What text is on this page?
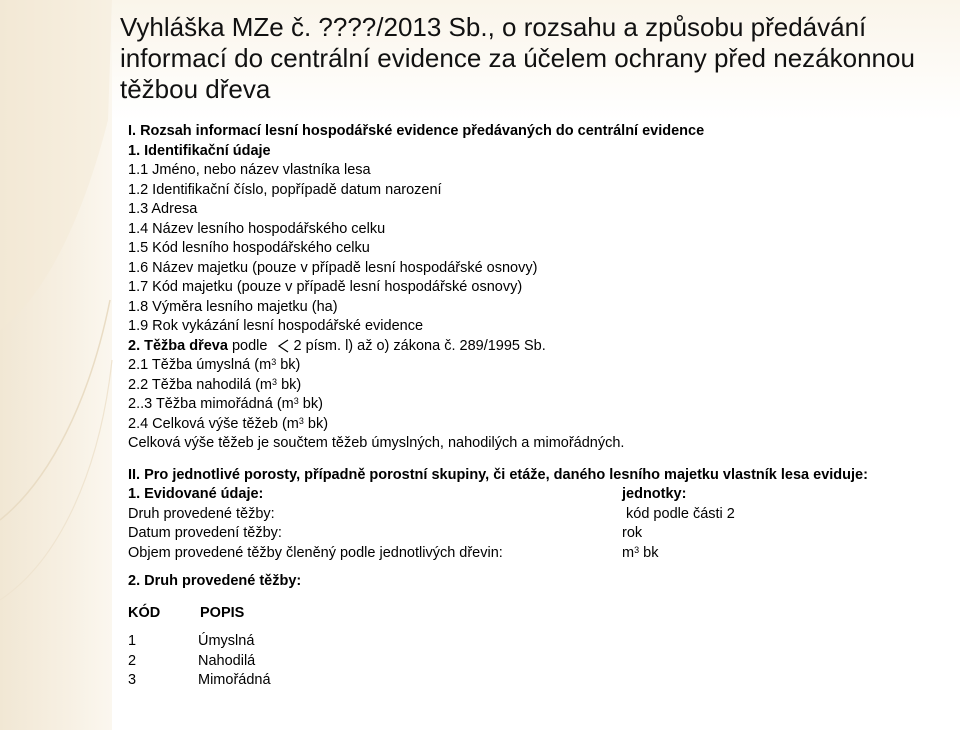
Vyhláška MZe č. ????/2013 Sb., o rozsahu a způsobu předávání informací do centrální evidence za účelem ochrany před nezákonnou těžbou dřeva
I. Rozsah informací lesní hospodářské evidence předávaných do centrální evidence
1. Identifikační údaje
1.1 Jméno, nebo název vlastníka lesa
1.2 Identifikační číslo, popřípadě datum narození
1.3 Adresa
1.4 Název lesního hospodářského celku
1.5 Kód lesního hospodářského celku
1.6 Název majetku (pouze v případě lesní hospodářské osnovy)
1.7 Kód majetku (pouze v případě lesní hospodářské osnovy)
1.8 Výměra lesního majetku (ha)
1.9 Rok vykázání lesní hospodářské evidence
2. Těžba dřeva podle 2 písm. l) až o) zákona č. 289/1995 Sb.
2.1 Těžba úmyslná ($m^3$ bk)
2.2 Těžba nahodilá ($m^3$ bk)
2..3 Těžba mimořádná ($m^3$ bk)
2.4 Celková výše těžeb ($m^3$ bk)
Celková výše těžeb je součtem těžeb úmyslných, nahodilých a mimořádných.
II. Pro jednotlivé porosty, případně porostní skupiny, či etáže, daného lesního majetku vlastník lesa eviduje:
1. Evidované údaje:	jednotky:
Druh provedené těžby:	kód podle části 2
Datum provedení těžby:	rok
Objem provedené těžby členěný podle jednotlivých dřevin:	$m^3$ bk
2. Druh provedené těžby:
KÓD	POPIS
1	Úmyslná
2	Nahodilá
3	Mimořádná
